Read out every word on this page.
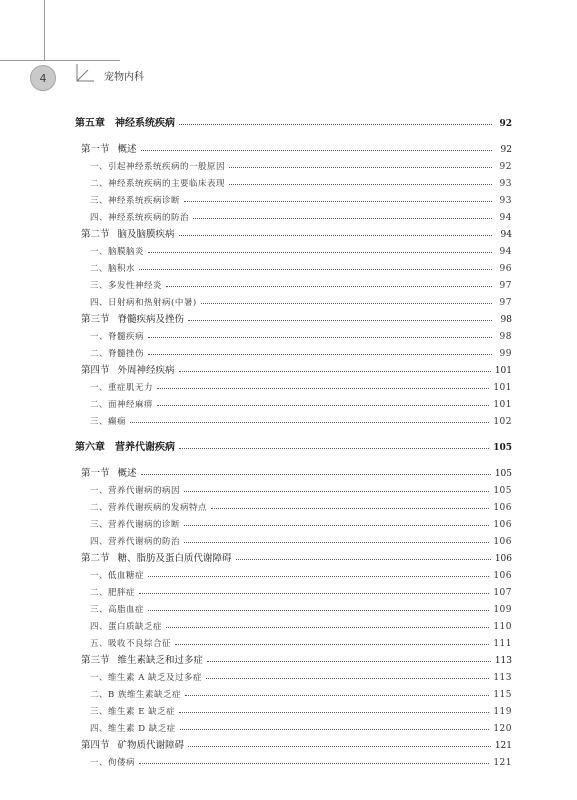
4	宠物内科
第五章　神经系统疾病	92
第一节 概述	92
一、引起神经系统疾病的一般原因	92
二、神经系统疾病的主要临床表现	93
三、神经系统疾病诊断	93
四、神经系统疾病的防治	94
第二节 脑及脑膜疾病	94
一、脑膜脑炎	94
二、脑积水	96
三、多发性神经炎	97
四、日射病和热射病(中暑)	97
第三节 脊髓疾病及挫伤	98
一、脊髓疾病	98
二、脊髓挫伤	99
第四节 外周神经疾病	101
一、重症肌无力	101
二、面神经麻痹	101
三、癫痫	102
第六章　营养代谢疾病	105
第一节 概述	105
一、营养代谢病的病因	105
二、营养代谢疾病的发病特点	106
三、营养代谢病的诊断	106
四、营养代谢病的防治	106
第二节 糖、脂肪及蛋白质代谢障碍	106
一、低血糖症	106
二、肥胖症	107
三、高脂血症	109
四、蛋白质缺乏症	110
五、吸收不良综合征	111
第三节 维生素缺乏和过多症	113
一、维生素 A 缺乏及过多症	113
二、B 族维生素缺乏症	115
三、维生素 E 缺乏症	119
四、维生素 D 缺乏症	120
第四节 矿物质代谢障碍	121
一、佝偻病	121
